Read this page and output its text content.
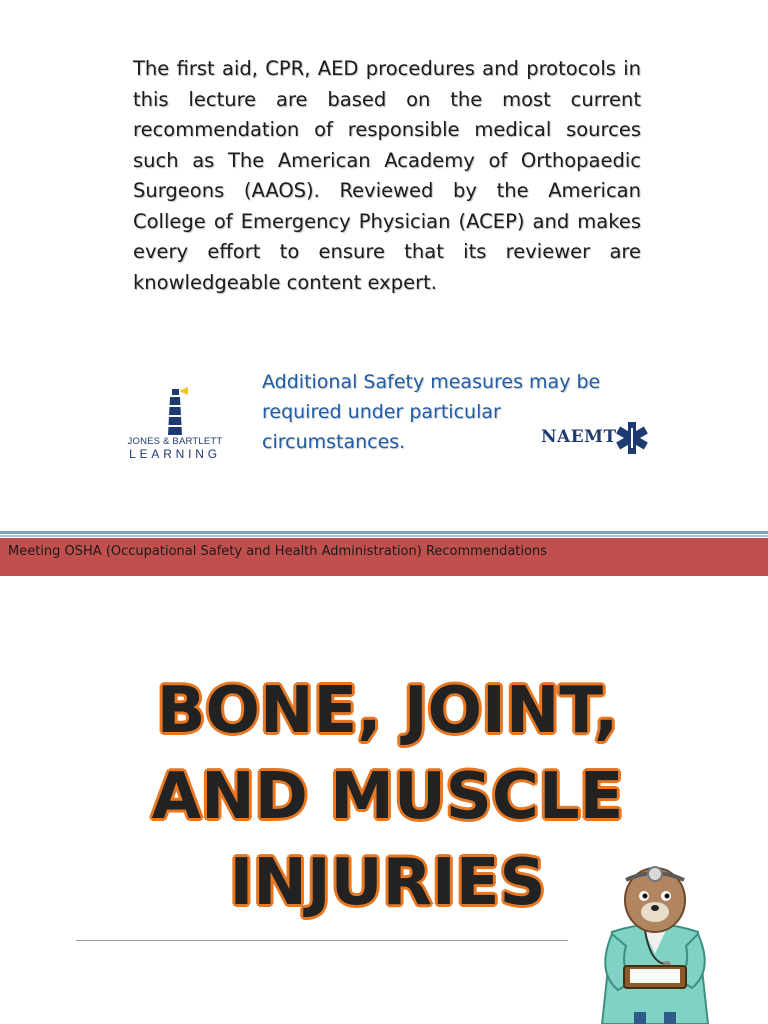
The first aid, CPR, AED procedures and protocols in this lecture are based on the most current recommendation of responsible medical sources such as The American Academy of Orthopaedic Surgeons (AAOS). Reviewed by the American College of Emergency Physician (ACEP) and makes every effort to ensure that its reviewer are knowledgeable content expert.

JONES & BARTLETT
LEARNING

Additional Safety measures may be required under particular circumstances.	NAEMT
Meeting OSHA (Occupational Safety and Health Administration) Recommendations
BONE, JOINT,
AND MUSCLE
INJURIES
